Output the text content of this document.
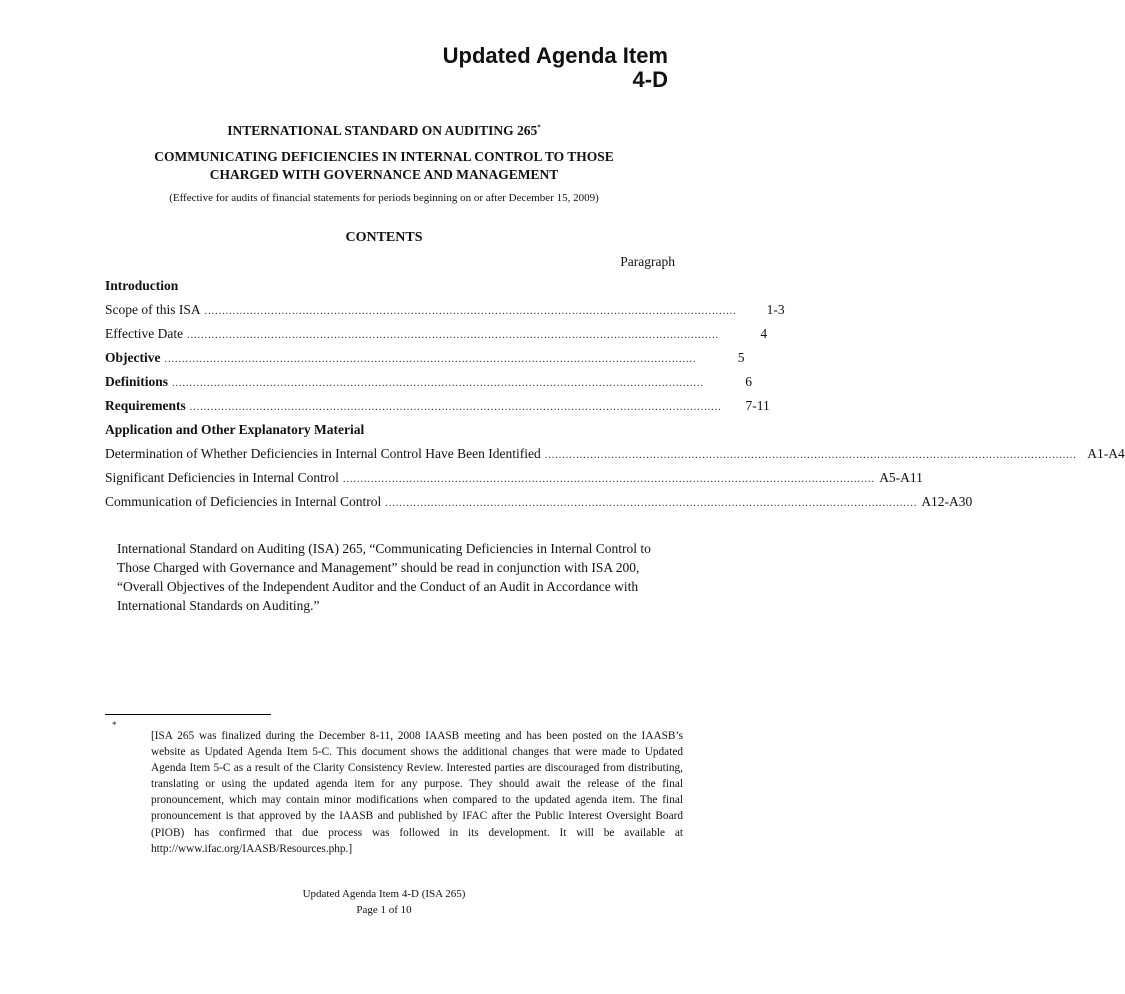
Updated Agenda Item
4-D
INTERNATIONAL STANDARD ON AUDITING 265*
COMMUNICATING DEFICIENCIES IN INTERNAL CONTROL TO THOSE
CHARGED WITH GOVERNANCE AND MANAGEMENT
(Effective for audits of financial statements for periods beginning on or after December 15, 2009)
CONTENTS
Paragraph
Introduction
Scope of this ISA ........................................................................................................................................................	1-3
Effective Date ........................................................................................................................................................	4
Objective ........................................................................................................................................................	5
Definitions ........................................................................................................................................................	6
Requirements ........................................................................................................................................................	7-11
Application and Other Explanatory Material
Determination of Whether Deficiencies in Internal Control Have Been Identified ........................................................................................................................................................ A1-A4
Significant Deficiencies in Internal Control ........................................................................................................................................................ A5-A11
Communication of Deficiencies in Internal Control ........................................................................................................................................................ A12-A30
International Standard on Auditing (ISA) 265, “Communicating Deficiencies in Internal Control to Those Charged with Governance and Management” should be read in conjunction with ISA 200, “Overall Objectives of the Independent Auditor and the Conduct of an Audit in Accordance with International Standards on Auditing.”
*
[ISA 265 was finalized during the December 8-11, 2008 IAASB meeting and has been posted on the IAASB’s website as Updated Agenda Item 5-C. This document shows the additional changes that were made to Updated Agenda Item 5-C as a result of the Clarity Consistency Review. Interested parties are discouraged from distributing, translating or using the updated agenda item for any purpose. They should await the release of the final pronouncement, which may contain minor modifications when compared to the updated agenda item. The final pronouncement is that approved by the IAASB and published by IFAC after the Public Interest Oversight Board (PIOB) has confirmed that due process was followed in its development. It will be available at http://www.ifac.org/IAASB/Resources.php.]
Updated Agenda Item 4-D (ISA 265)
Page 1 of 10
